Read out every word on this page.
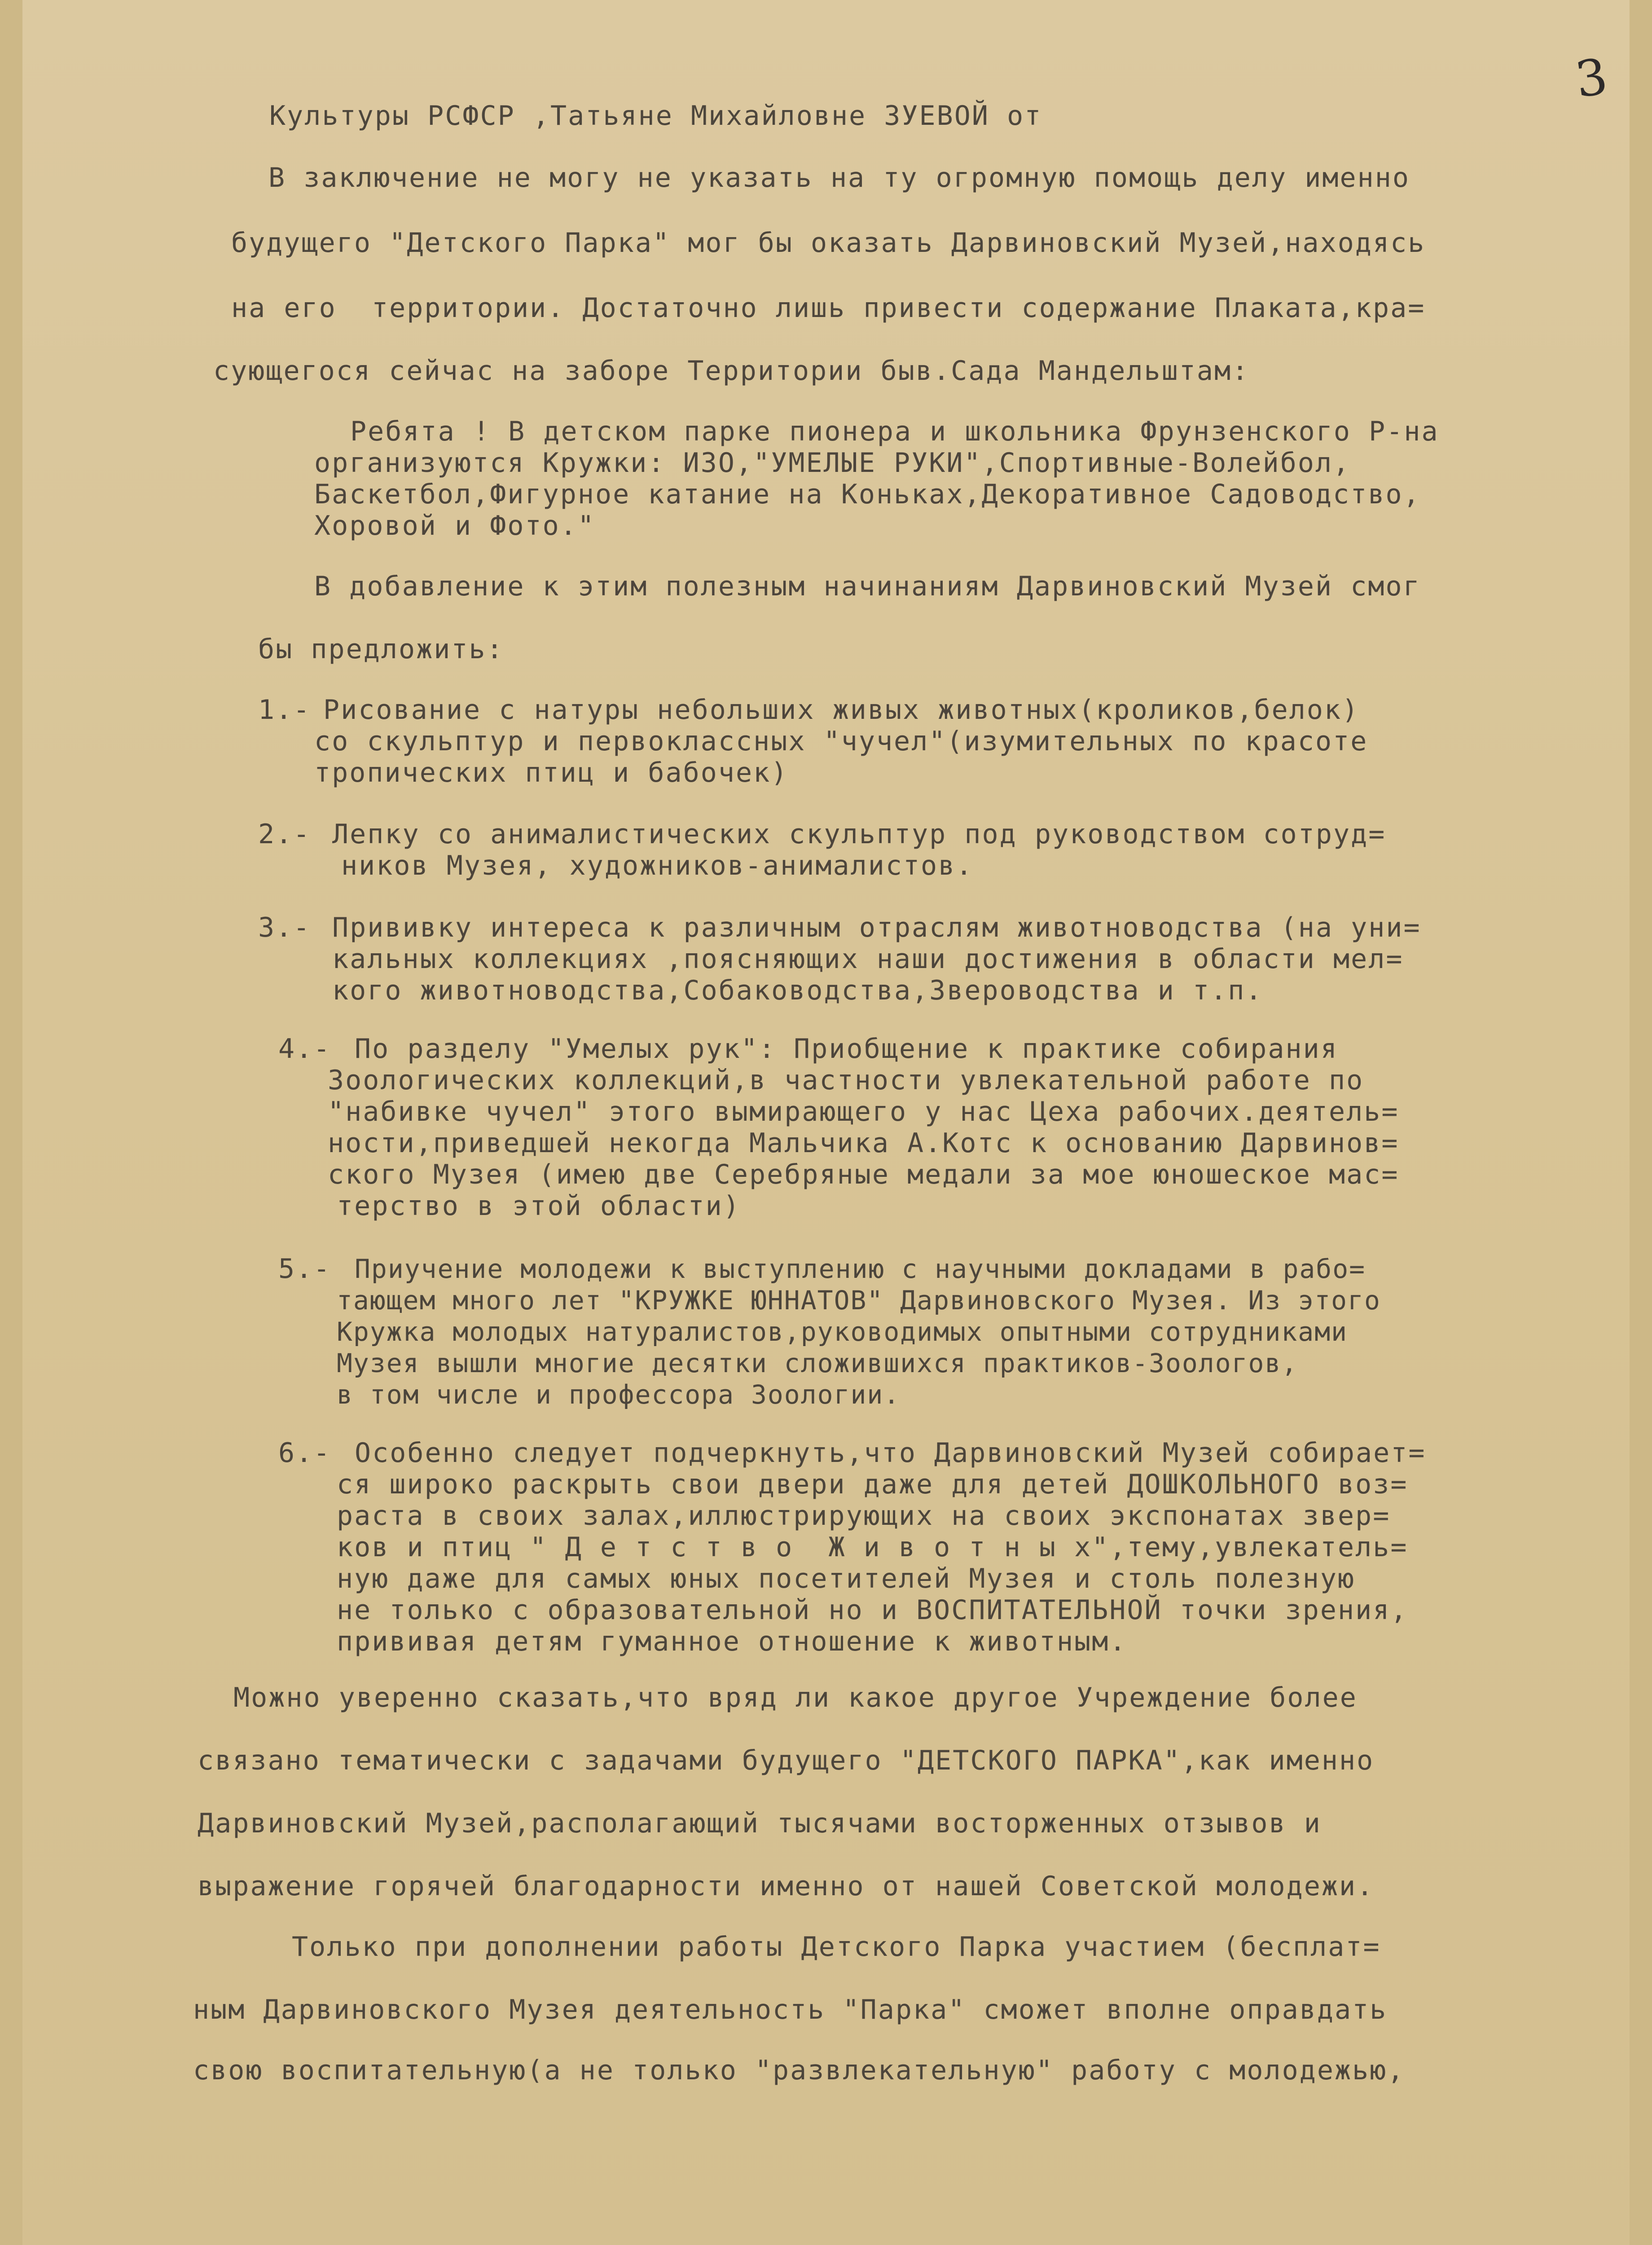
3
Культуры РСФСР ,Татьяне Михайловне ЗУЕВОЙ от
В заключение не могу не указать на ту огромную помощь делу именно
будущего "Детского Парка" мог бы оказать Дарвиновский Музей,находясь
на его  территории. Достаточно лишь привести содержание Плаката,кра=
сующегося сейчас на заборе Территории быв.Сада Мандельштам:
Ребята ! В детском парке пионера и школьника Фрунзенского Р-на
организуются Кружки: ИЗО,"УМЕЛЫЕ РУКИ",Спортивные-Волейбол,
Баскетбол,Фигурное катание на Коньках,Декоративное Садоводство,
Хоровой и Фото."
В добавление к этим полезным начинаниям Дарвиновский Музей смог
бы предложить:
1.- Рисование с натуры небольших живых животных(кроликов,белок)
со скульптур и первоклассных "чучел"(изумительных по красоте
тропических птиц и бабочек)
2.- Лепку со анималистических скульптур под руководством сотруд=
ников Музея, художников-анималистов.
3.- Прививку интереса к различным отраслям животноводства (на уни=
кальных коллекциях ,поясняющих наши достижения в области мел=
кого животноводства,Собаководства,Звероводства и т.п.
4.- По разделу "Умелых рук": Приобщение к практике собирания
Зоологических коллекций,в частности увлекательной работе по
"набивке чучел" этого вымирающего у нас Цеха рабочих.деятель=
ности,приведшей некогда Мальчика А.Котс к основанию Дарвинов=
ского Музея (имею две Серебряные медали за мое юношеское мас=
терство в этой области)
5.- Приучение молодежи к выступлению с научными докладами в рабо=
тающем много лет "КРУЖКЕ ЮННАТОВ" Дарвиновского Музея. Из этого
Кружка молодых натуралистов,руководимых опытными сотрудниками
Музея вышли многие десятки сложившихся практиков-Зоологов,
в том числе и профессора Зоологии.
6.- Особенно следует подчеркнуть,что Дарвиновский Музей собирает=
ся широко раскрыть свои двери даже для детей ДОШКОЛЬНОГО воз=
раста в своих залах,иллюстрирующих на своих экспонатах звер=
ков и птиц " Д е т с т в о  Ж и в о т н ы х",тему,увлекатель=
ную даже для самых юных посетителей Музея и столь полезную
не только с образовательной но и ВОСПИТАТЕЛЬНОЙ точки зрения,
прививая детям гуманное отношение к животным.
Можно уверенно сказать,что вряд ли какое другое Учреждение более
связано тематически с задачами будущего "ДЕТСКОГО ПАРКА",как именно
Дарвиновский Музей,располагающий тысячами восторженных отзывов и
выражение горячей благодарности именно от нашей Советской молодежи.
Только при дополнении работы Детского Парка участием (бесплат=
ным Дарвиновского Музея деятельность "Парка" сможет вполне оправдать
свою воспитательную(а не только "развлекательную" работу с молодежью,
